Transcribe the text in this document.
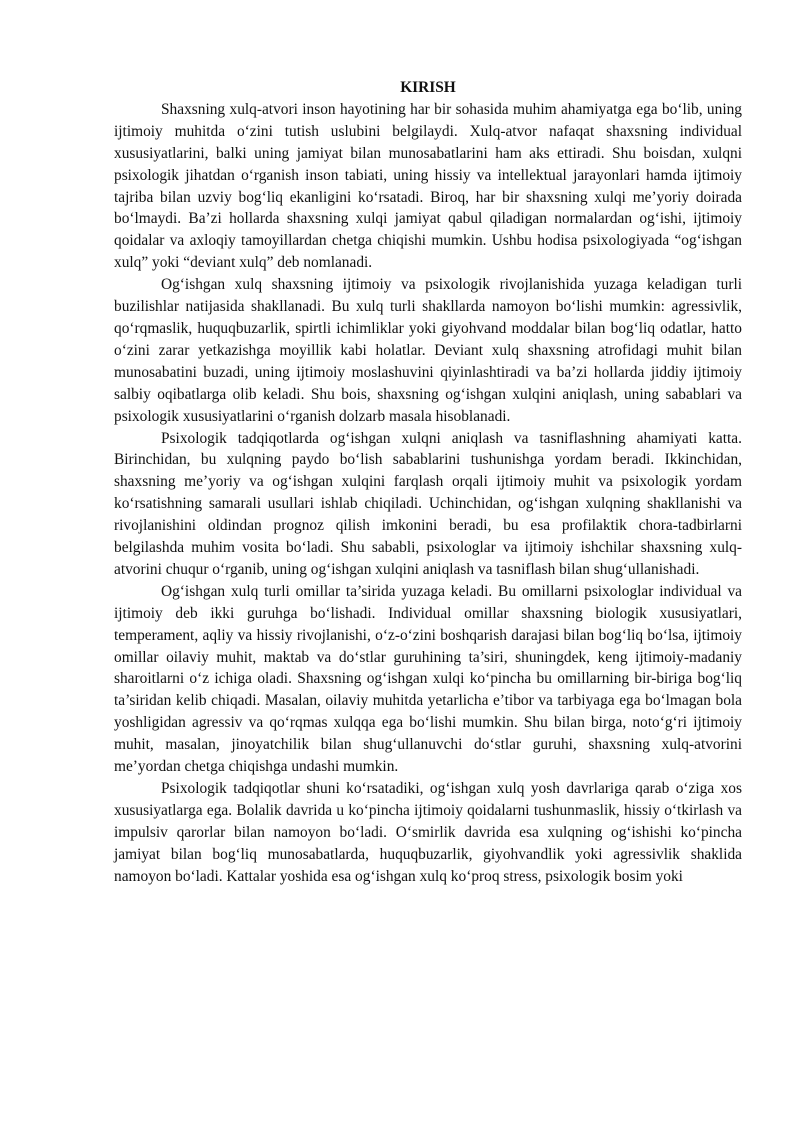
KIRISH

Shaxsning xulq-atvori inson hayotining har bir sohasida muhim ahamiyatga ega bo‘lib, uning ijtimoiy muhitda o‘zini tutish uslubini belgilaydi. Xulq-atvor nafaqat shaxsning individual xususiyatlarini, balki uning jamiyat bilan munosabatlarini ham aks ettiradi. Shu boisdan, xulqni psixologik jihatdan o‘rganish inson tabiati, uning hissiy va intellektual jarayonlari hamda ijtimoiy tajriba bilan uzviy bog‘liq ekanligini ko‘rsatadi. Biroq, har bir shaxsning xulqi me’yoriy doirada bo‘lmaydi. Ba’zi hollarda shaxsning xulqi jamiyat qabul qiladigan normalardan og‘ishi, ijtimoiy qoidalar va axloqiy tamoyillardan chetga chiqishi mumkin. Ushbu hodisa psixologiyada “og‘ishgan xulq” yoki “deviant xulq” deb nomlanadi.

Og‘ishgan xulq shaxsning ijtimoiy va psixologik rivojlanishida yuzaga keladigan turli buzilishlar natijasida shakllanadi. Bu xulq turli shakllarda namoyon bo‘lishi mumkin: agressivlik, qo‘rqmaslik, huquqbuzarlik, spirtli ichimliklar yoki giyohvand moddalar bilan bog‘liq odatlar, hatto o‘zini zarar yetkazishga moyillik kabi holatlar. Deviant xulq shaxsning atrofidagi muhit bilan munosabatini buzadi, uning ijtimoiy moslashuvini qiyinlashtiradi va ba’zi hollarda jiddiy ijtimoiy salbiy oqibatlarga olib keladi. Shu bois, shaxsning og‘ishgan xulqini aniqlash, uning sabablari va psixologik xususiyatlarini o‘rganish dolzarb masala hisoblanadi.

Psixologik tadqiqotlarda og‘ishgan xulqni aniqlash va tasniflashning ahamiyati katta. Birinchidan, bu xulqning paydo bo‘lish sabablarini tushunishga yordam beradi. Ikkinchidan, shaxsning me’yoriy va og‘ishgan xulqini farqlash orqali ijtimoiy muhit va psixologik yordam ko‘rsatishning samarali usullari ishlab chiqiladi. Uchinchidan, og‘ishgan xulqning shakllanishi va rivojlanishini oldindan prognoz qilish imkonini beradi, bu esa profilaktik chora-tadbirlarni belgilashda muhim vosita bo‘ladi. Shu sababli, psixologlar va ijtimoiy ishchilar shaxsning xulq-atvorini chuqur o‘rganib, uning og‘ishgan xulqini aniqlash va tasniflash bilan shug‘ullanishadi.

Og‘ishgan xulq turli omillar ta’sirida yuzaga keladi. Bu omillarni psixologlar individual va ijtimoiy deb ikki guruhga bo‘lishadi. Individual omillar shaxsning biologik xususiyatlari, temperament, aqliy va hissiy rivojlanishi, o‘z-o‘zini boshqarish darajasi bilan bog‘liq bo‘lsa, ijtimoiy omillar oilaviy muhit, maktab va do‘stlar guruhining ta’siri, shuningdek, keng ijtimoiy-madaniy sharoitlarni o‘z ichiga oladi. Shaxsning og‘ishgan xulqi ko‘pincha bu omillarning bir-biriga bog‘liq ta’siridan kelib chiqadi. Masalan, oilaviy muhitda yetarlicha e’tibor va tarbiyaga ega bo‘lmagan bola yoshligidan agressiv va qo‘rqmas xulqqa ega bo‘lishi mumkin. Shu bilan birga, noto‘g‘ri ijtimoiy muhit, masalan, jinoyatchilik bilan shug‘ullanuvchi do‘stlar guruhi, shaxsning xulq-atvorini me’yordan chetga chiqishga undashi mumkin.

Psixologik tadqiqotlar shuni ko‘rsatadiki, og‘ishgan xulq yosh davrlariga qarab o‘ziga xos xususiyatlarga ega. Bolalik davrida u ko‘pincha ijtimoiy qoidalarni tushunmaslik, hissiy o‘tkirlash va impulsiv qarorlar bilan namoyon bo‘ladi. O‘smirlik davrida esa xulqning og‘ishishi ko‘pincha jamiyat bilan bog‘liq munosabatlarda, huquqbuzarlik, giyohvandlik yoki agressivlik shaklida namoyon bo‘ladi. Kattalar yoshida esa og‘ishgan xulq ko‘proq stress, psixologik bosim yoki
